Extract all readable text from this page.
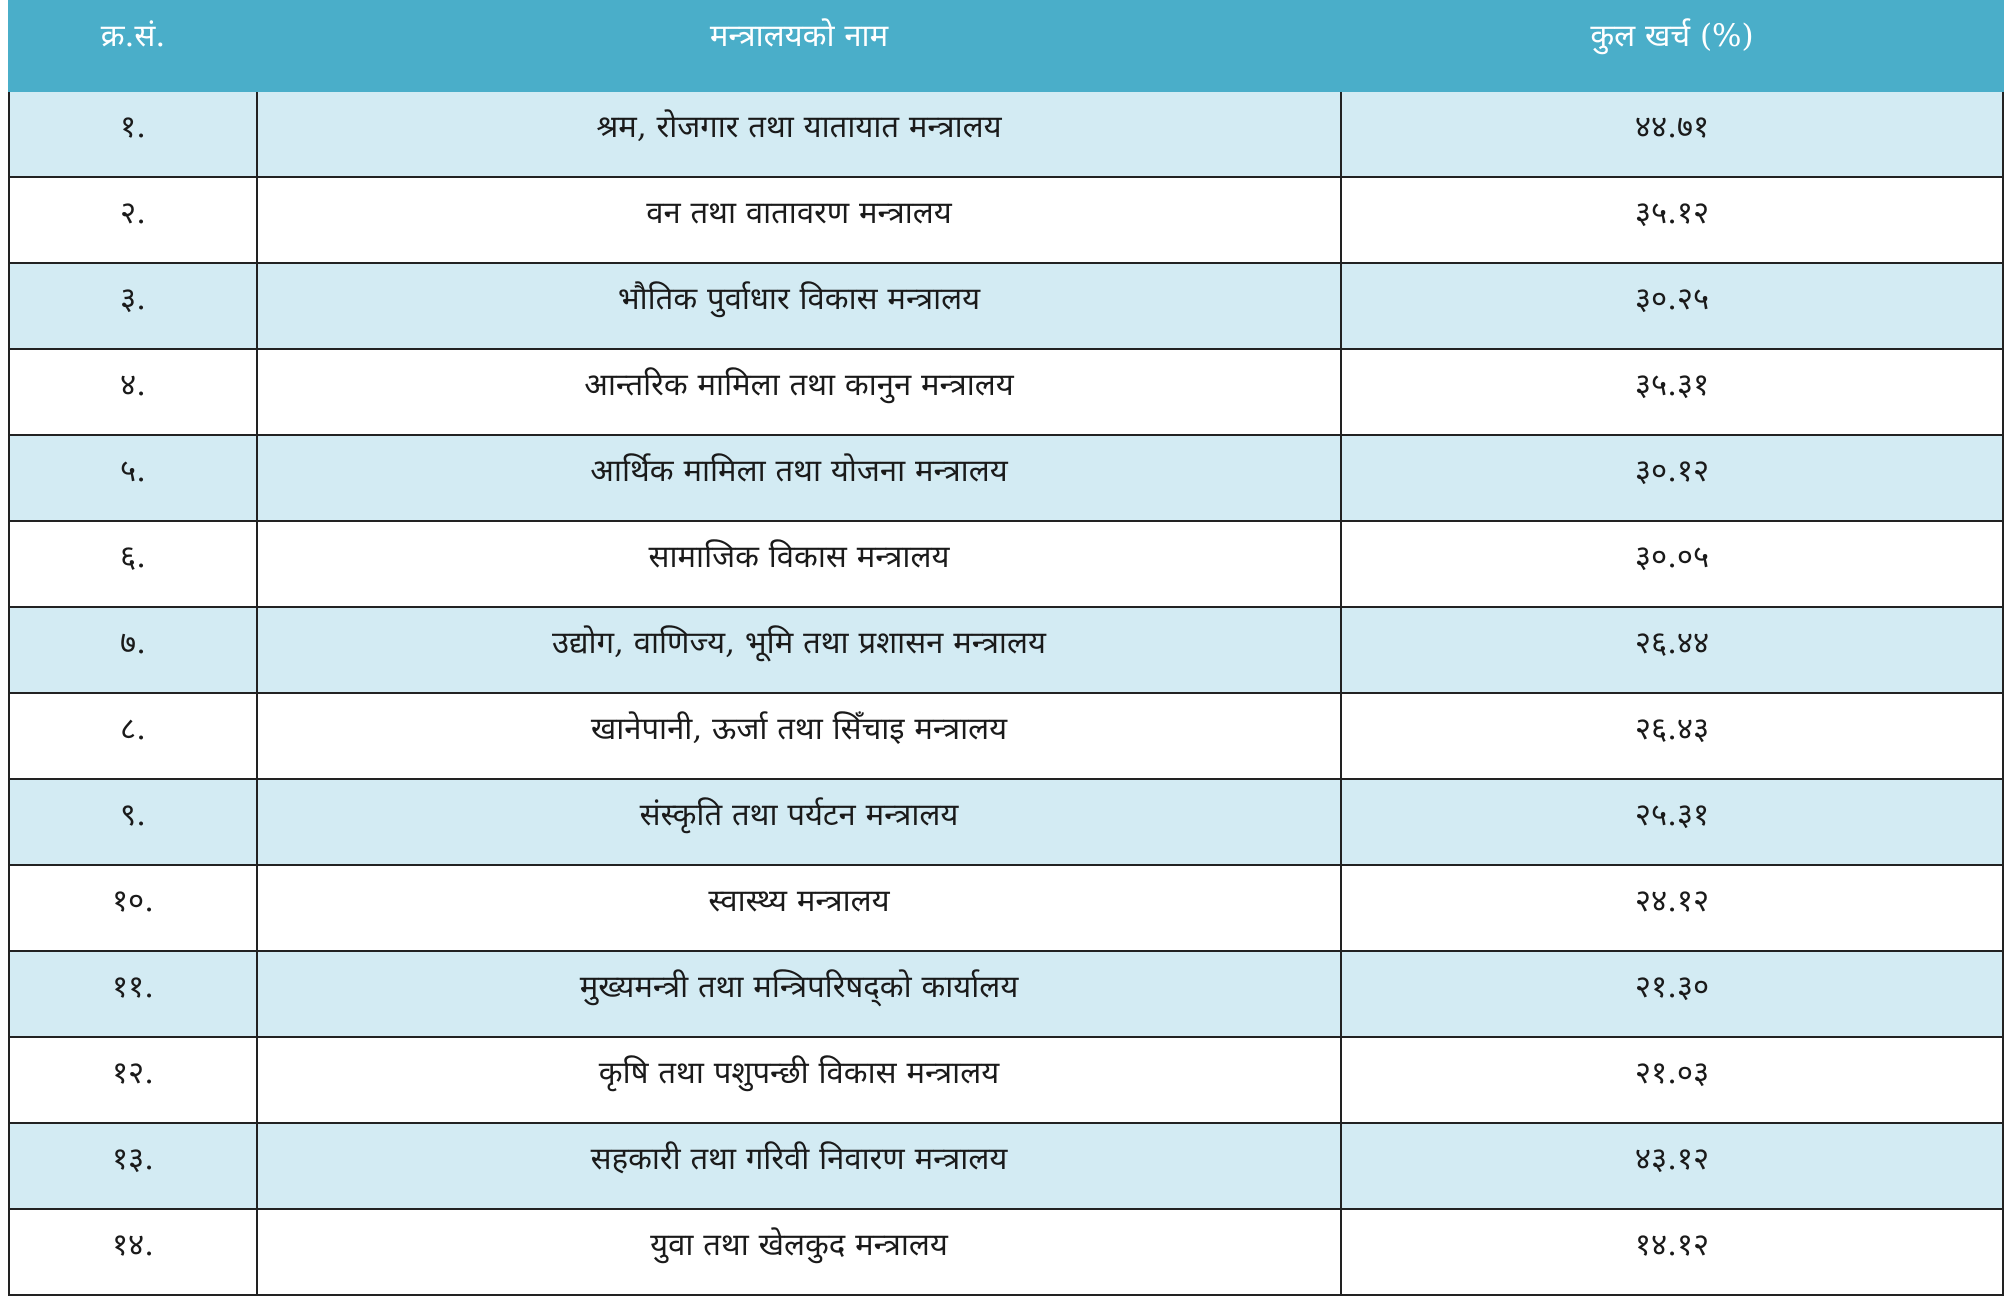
क्र.सं.	मन्त्रालयको नाम	कुल खर्च (%)
१.	श्रम, रोजगार तथा यातायात मन्त्रालय	४४.७१
२.	वन तथा वातावरण मन्त्रालय	३५.१२
३.	भौतिक पुर्वाधार विकास मन्त्रालय	३०.२५
४.	आन्तरिक मामिला तथा कानुन मन्त्रालय	३५.३१
५.	आर्थिक मामिला तथा योजना मन्त्रालय	३०.१२
६.	सामाजिक विकास मन्त्रालय	३०.०५
७.	उद्योग, वाणिज्य, भूमि तथा प्रशासन मन्त्रालय	२६.४४
८.	खानेपानी, ऊर्जा तथा सिँचाइ मन्त्रालय	२६.४३
९.	संस्कृति तथा पर्यटन मन्त्रालय	२५.३१
१०.	स्वास्थ्य मन्त्रालय	२४.१२
११.	मुख्यमन्त्री तथा मन्त्रिपरिषद्को कार्यालय	२१.३०
१२.	कृषि तथा पशुपन्छी विकास मन्त्रालय	२१.०३
१३.	सहकारी तथा गरिवी निवारण मन्त्रालय	४३.१२
१४.	युवा तथा खेलकुद मन्त्रालय	१४.१२
